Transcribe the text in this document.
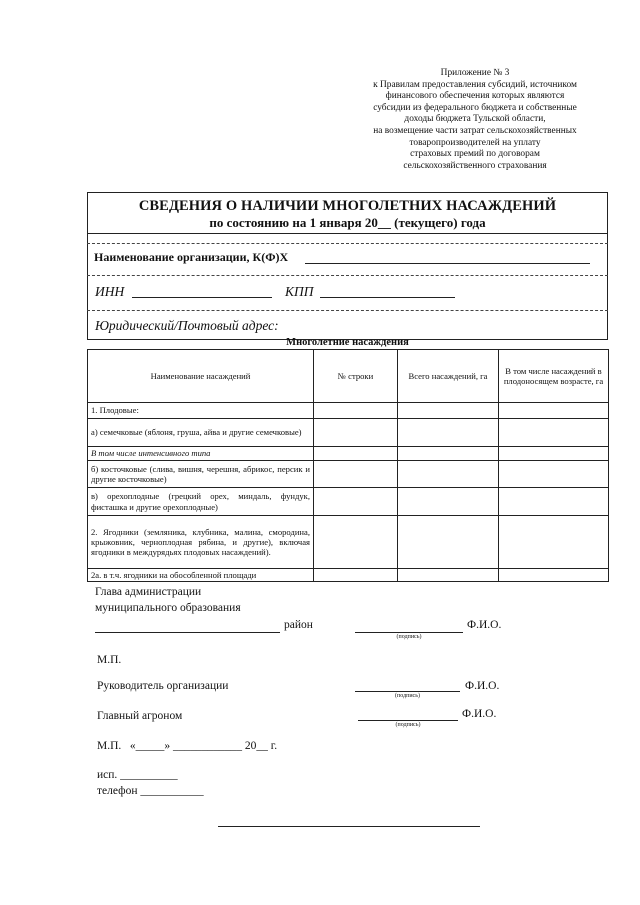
Приложение № 3
к Правилам предоставления субсидий, источником
финансового обеспечения которых являются
субсидии из федерального бюджета и собственные
доходы бюджета Тульской области,
на возмещение части затрат сельскохозяйственных
товаропроизводителей на уплату
страховых премий по договорам
сельскохозяйственного страхования
СВЕДЕНИЯ О НАЛИЧИИ МНОГОЛЕТНИХ НАСАЖДЕНИЙ
по состоянию на 1 января 20__ (текущего) года
Наименование организации, К(Ф)Х
ИНН	КПП
Юридический/Почтовый адрес:
Многолетние насаждения
Наименование насаждений	№ строки	Всего насаждений, га	В том числе насаждений в плодоносящем возрасте, га
1. Плодовые:			
а) семечковые (яблоня, груша, айва и другие семечковые)			
В том числе интенсивного типа			
б) косточковые (слива, вишня, черешня, абрикос, персик и другие косточковые)			
в) орехоплодные (грецкий орех, миндаль, фундук, фисташка и другие орехоплодные)			
2. Ягодники (земляника, клубника, малина, смородина, крыжовник, черноплодная рябина, и другие), включая ягодники в междурядьях плодовых насаждений).			
2а. в т.ч. ягодники на обособленной площади			
Глава администрации
муниципального образования
район
(подпись)
Ф.И.О.
М.П.
Руководитель организации
(подпись)
Ф.И.О.
Главный агроном
(подпись)
Ф.И.О.
М.П.   «_____» ____________ 20__ г.
исп. __________
телефон ___________
